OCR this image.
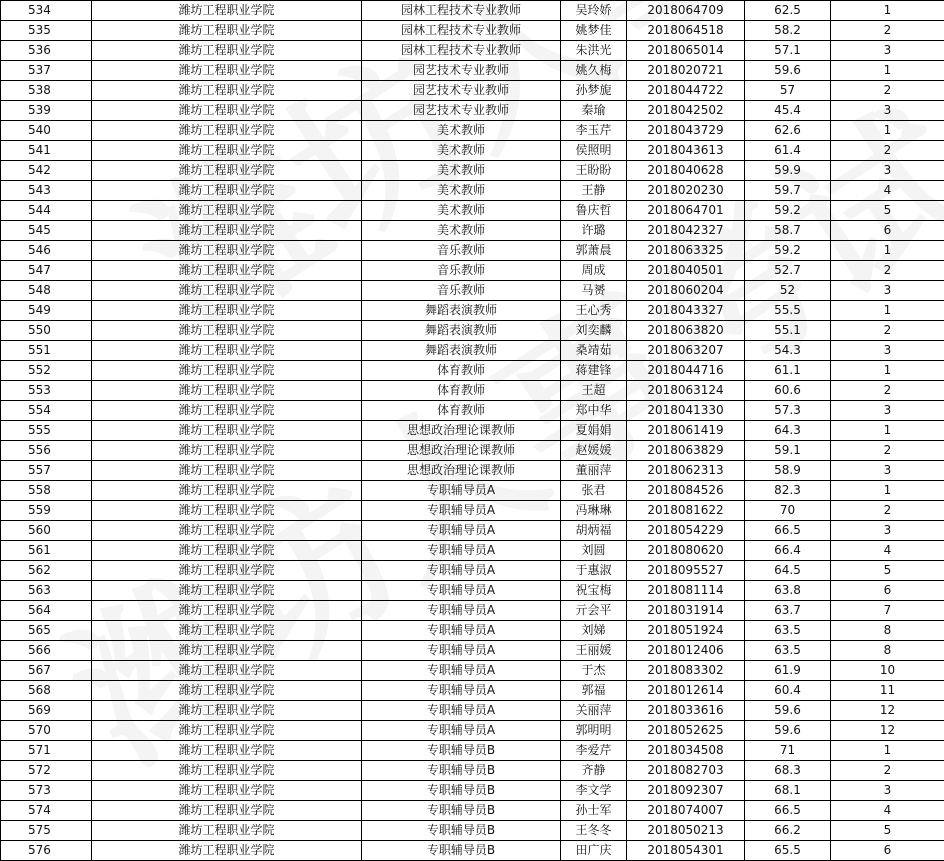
534	潍坊工程职业学院	园林工程技术专业教师	吴玲娇	2018064709	62.5	1
535	潍坊工程职业学院	园林工程技术专业教师	姚梦佳	2018064518	58.2	2
536	潍坊工程职业学院	园林工程技术专业教师	朱洪光	2018065014	57.1	3
537	潍坊工程职业学院	园艺技术专业教师	姚久梅	2018020721	59.6	1
538	潍坊工程职业学院	园艺技术专业教师	孙梦旎	2018044722	57	2
539	潍坊工程职业学院	园艺技术专业教师	秦瑜	2018042502	45.4	3
540	潍坊工程职业学院	美术教师	李玉芹	2018043729	62.6	1
541	潍坊工程职业学院	美术教师	侯照明	2018043613	61.4	2
542	潍坊工程职业学院	美术教师	王盼盼	2018040628	59.9	3
543	潍坊工程职业学院	美术教师	王静	2018020230	59.7	4
544	潍坊工程职业学院	美术教师	鲁庆哲	2018064701	59.2	5
545	潍坊工程职业学院	美术教师	许璐	2018042327	58.7	6
546	潍坊工程职业学院	音乐教师	郭萧晨	2018063325	59.2	1
547	潍坊工程职业学院	音乐教师	周成	2018040501	52.7	2
548	潍坊工程职业学院	音乐教师	马赟	2018060204	52	3
549	潍坊工程职业学院	舞蹈表演教师	王心秀	2018043327	55.5	1
550	潍坊工程职业学院	舞蹈表演教师	刘奕麟	2018063820	55.1	2
551	潍坊工程职业学院	舞蹈表演教师	桑靖茹	2018063207	54.3	3
552	潍坊工程职业学院	体育教师	蒋建锋	2018044716	61.1	1
553	潍坊工程职业学院	体育教师	王超	2018063124	60.6	2
554	潍坊工程职业学院	体育教师	郑中华	2018041330	57.3	3
555	潍坊工程职业学院	思想政治理论课教师	夏娟娟	2018061419	64.3	1
556	潍坊工程职业学院	思想政治理论课教师	赵媛媛	2018063829	59.1	2
557	潍坊工程职业学院	思想政治理论课教师	董丽萍	2018062313	58.9	3
558	潍坊工程职业学院	专职辅导员A	张君	2018084526	82.3	1
559	潍坊工程职业学院	专职辅导员A	冯琳琳	2018081622	70	2
560	潍坊工程职业学院	专职辅导员A	胡炳福	2018054229	66.5	3
561	潍坊工程职业学院	专职辅导员A	刘圆	2018080620	66.4	4
562	潍坊工程职业学院	专职辅导员A	于惠淑	2018095527	64.5	5
563	潍坊工程职业学院	专职辅导员A	祝宝梅	2018081114	63.8	6
564	潍坊工程职业学院	专职辅导员A	亓会平	2018031914	63.7	7
565	潍坊工程职业学院	专职辅导员A	刘娣	2018051924	63.5	8
566	潍坊工程职业学院	专职辅导员A	王丽媛	2018012406	63.5	8
567	潍坊工程职业学院	专职辅导员A	于杰	2018083302	61.9	10
568	潍坊工程职业学院	专职辅导员A	郭福	2018012614	60.4	11
569	潍坊工程职业学院	专职辅导员A	关丽萍	2018033616	59.6	12
570	潍坊工程职业学院	专职辅导员A	郭明明	2018052625	59.6	12
571	潍坊工程职业学院	专职辅导员B	李爱芹	2018034508	71	1
572	潍坊工程职业学院	专职辅导员B	齐静	2018082703	68.3	2
573	潍坊工程职业学院	专职辅导员B	李文学	2018092307	68.1	3
574	潍坊工程职业学院	专职辅导员B	孙士军	2018074007	66.5	4
575	潍坊工程职业学院	专职辅导员B	王冬冬	2018050213	66.2	5
576	潍坊工程职业学院	专职辅导员B	田广庆	2018054301	65.5	6
